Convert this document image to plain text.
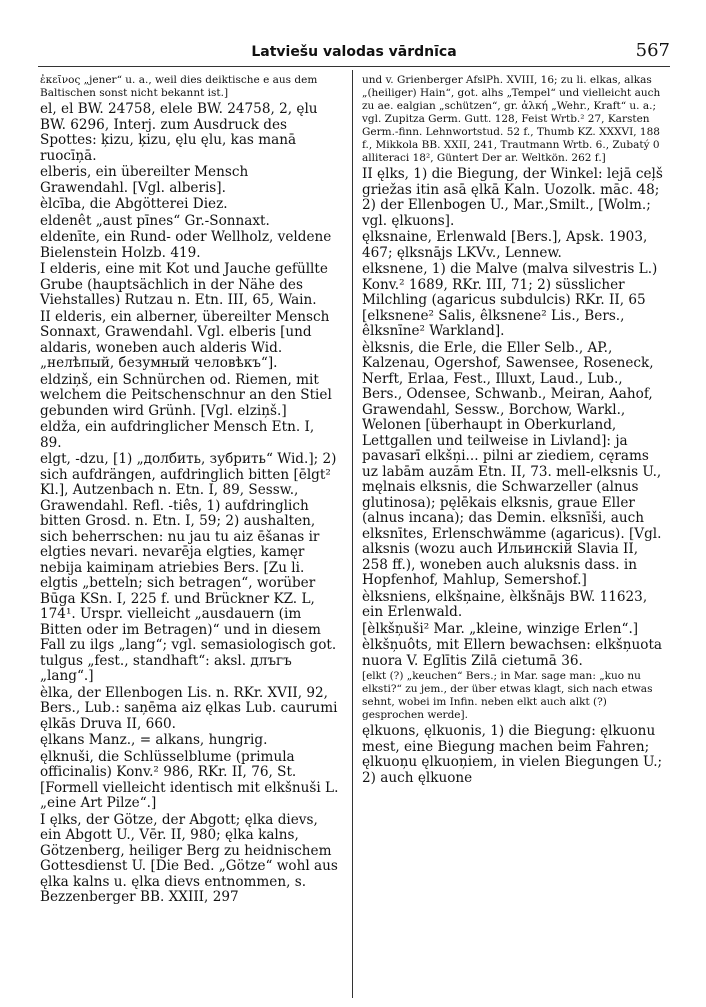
Latviešu valodas vārdnīca	567

ἐκεῖνος „jener“ u. a., weil dies deiktische e aus dem Baltischen sonst nicht bekannt ist.]

el, el BW. 24758, elele BW. 24758, 2, ęlu BW. 6296, Interj. zum Ausdruck des Spottes: ķizu, ķizu, ęlu ęlu, kas manā ruocīņā.

elberis, ein übereilter Mensch Grawendahl. [Vgl. alberis].

èlcība, die Abgötterei Diez.

eldenêt „aust pīnes“ Gr.-Sonnaxt.

eldenīte, ein Rund- oder Wellholz, veldene Bielenstein Holzb. 419.

I elderis, eine mit Kot und Jauche gefüllte Grube (hauptsächlich in der Nähe des Viehstalles) Rutzau n. Etn. III, 65, Wain.

II elderis, ein alberner, übereilter Mensch Sonnaxt, Grawendahl. Vgl. elberis [und aldaris, woneben auch alderis Wid. „нелѣпый, безумный человѣкъ“].

eldziņš, ein Schnürchen od. Riemen, mit welchem die Peitschenschnur an den Stiel gebunden wird Grünh. [Vgl. elziņš.]

eldža, ein aufdringlicher Mensch Etn. I, 89.

elgt, -dzu, [1) „долбить, зубрить“ Wid.]; 2) sich aufdrängen, aufdringlich bitten [ēlgt² Kl.], Autzenbach n. Etn. I, 89, Sessw., Grawendahl. Refl. -tiês, 1) aufdringlich bitten Grosd. n. Etn. I, 59; 2) aushalten, sich beherrschen: nu jau tu aiz ēšanas ir elgties nevari. nevarēja elgties, kamęr nebija kaimiņam atriebies Bers. [Zu li. elgtis „betteln; sich betragen“, worüber Būga KSn. I, 225 f. und Brückner KZ. L, 174¹. Urspr. vielleicht „ausdauern (im Bitten oder im Betragen)“ und in diesem Fall zu ilgs „lang“; vgl. semasiologisch got. tulgus „fest., standhaft“: aksl. длъгъ „lang“.]

èlka, der Ellenbogen Lis. n. RKr. XVII, 92, Bers., Lub.: saņēma aiz ęlkas Lub. caurumi ęlkās Druva II, 660.

ęlkans Manz., = alkans, hungrig.

ęlknuši, die Schlüsselblume (primula officinalis) Konv.² 986, RKr. II, 76, St. [Formell vielleicht identisch mit elkšnuši L. „eine Art Pilze“.]

I ęlks, der Götze, der Abgott; ęlka dievs, ein Abgott U., Vēr. II, 980; ęlka kalns, Götzenberg, heiliger Berg zu heidnischem Gottesdienst U. [Die Bed. „Götze“ wohl aus ęlka kalns u. ęlka dievs entnommen, s. Bezzenberger BB. XXIII, 297

und v. Grienberger AfslPh. XVIII, 16; zu li. elkas, alkas „(heiliger) Hain“, got. alhs „Tempel“ und vielleicht auch zu ae. ealgian „schützen“, gr. ἀλκή „Wehr., Kraft“ u. a.; vgl. Zupitza Germ. Gutt. 128, Feist Wrtb.² 27, Karsten Germ.-finn. Lehnwortstud. 52 f., Thumb KZ. XXXVI, 188 f., Mikkola BB. XXII, 241, Trautmann Wrtb. 6., Zubatý 0 alliteraci 18², Güntert Der ar. Weltkön. 262 f.]

II ęlks, 1) die Biegung, der Winkel: lejā ceļš griežas itin asā ęlkā Kaln. Uozolk. māc. 48; 2) der Ellenbogen U., Mar.,Smilt., [Wolm.; vgl. ęlkuons].

ęlksnaine, Erlenwald [Bers.], Apsk. 1903, 467; ęlksnājs LKVv., Lennew.

elksnene, 1) die Malve (malva silvestris L.) Konv.² 1689, RKr. III, 71; 2) süsslicher Milchling (agaricus subdulcis) RKr. II, 65 [elksnene² Salis, êlksnene² Lis., Bers., êlksnīne² Warkland].

èlksnis, die Erle, die Eller Selb., AP., Kalzenau, Ogershof, Sawensee, Roseneck, Nerft, Erlaa, Fest., Illuxt, Laud., Lub., Bers., Odensee, Schwanb., Meiran, Aahof, Grawendahl, Sessw., Borchow, Warkl., Welonen [überhaupt in Oberkurland, Lettgallen und teilweise in Livland]: ja pavasarī elkšņi... pilni ar ziediem, cęrams uz labām auzām Etn. II, 73. mell-elksnis U., męlnais elksnis, die Schwarzeller (alnus glutinosa); pęlēkais elksnis, graue Eller (alnus incana); das Demin. elksnīši, auch elksnītes, Erlenschwämme (agaricus). [Vgl. alksnis (wozu auch Ильинскій Slavia II, 258 ff.), woneben auch aluksnis dass. in Hopfenhof, Mahlup, Semershof.]

èlksniens, elkšņaine, èlkšnājs BW. 11623, ein Erlenwald.

[èlkšņuši² Mar. „kleine, winzige Erlen“.]

èlkšņuôts, mit Ellern bewachsen: elkšņuota nuora V. Eglītis Zilā cietumā 36.

[elkt (?) „keuchen“ Bers.; in Mar. sage man: „kuo nu elksti?“ zu jem., der über etwas klagt, sich nach etwas sehnt, wobei im Infin. neben elkt auch alkt (?) gesprochen werde].

ęlkuons, ęlkuonis, 1) die Biegung: ęlkuonu mest, eine Biegung machen beim Fahren; ęlkuoņu ęlkuoņiem, in vielen Biegungen U.; 2) auch ęlkuone
